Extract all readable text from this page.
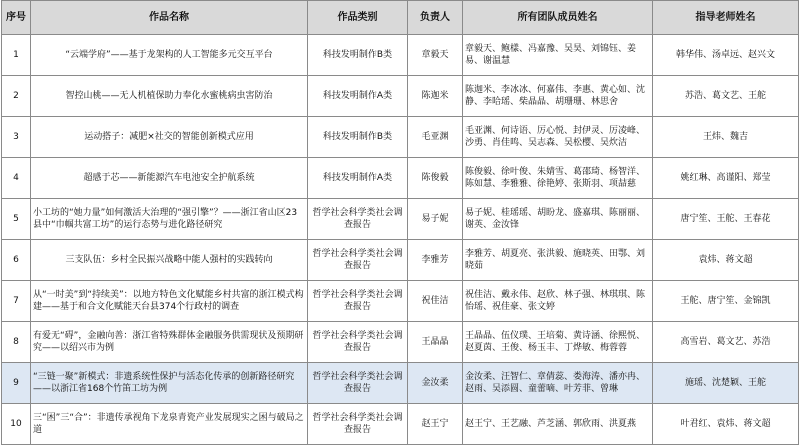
序号	作品名称	作品类别	负责人	所有团队成员姓名	指导老师姓名
1	“云端学府”——基于龙架构的人工智能多元交互平台	科技发明制作B类	章毅天	章毅天、鲍樣、冯嘉豫、吴昊、刘锦钰、姜易、谢温慧	韩华伟、汤卓远、赵兴文
2	智控山桃——无人机植保助力奉化水蜜桃病虫害防治	科技发明制作A类	陈迦米	陈迦米、李冰冰、何嘉伟、李惠、黄心如、沈静、李哈瑶、柴晶晶、胡珊珊、林思舍	苏浩、葛文艺、王舵
3	运动搭子：减肥×社交的智能创新模式应用	科技发明制作B类	毛亚渊	毛亚渊、何诗语、厉心悦、封伊灵、厉凌峰、沙勇、肖佳鸣、吴志森、吴松樱、吴炊洁	王炜、魏吉
4	超感于芯——新能源汽车电池安全护航系统	科技发明制作A类	陈俊毅	陈俊毅、徐叶俊、朱婧雪、葛邵琦、杨智洋、陈如慧、李雅雅、徐艳婷、张斯羽、项喆慈	姚红琳、高谨阳、郑莹
5	小工坊的“她力量”如何激活大治理的“强引擎”？——浙江省山区23县中“巾帼共富工坊”的运行态势与进化路径研究	哲学社会科学类社会调查报告	易子妮	易子妮、桂瑶瑶、胡盼龙、盛嘉琪、陈丽丽、谢英、金汝锋	唐宁笙、王舵、王春花
6	三支队伍：乡村全民振兴战略中能人强村的实践转向	哲学社会科学类社会调查报告	李雅芳	李雅芳、胡夏亮、张洪毅、施晓英、田鄂、刘晓茹	袁炜、蒋文超
7	从“一时美”到“持续美”：以地方特色文化赋能乡村共富的浙江模式构建——基于和合文化赋能天台县374个行政村的调查	哲学社会科学类社会调查报告	祝佳洁	祝佳洁、戴永伟、赵欣、林子强、林琪琪、陈怡瑶、祝佳豪、张文婷	王舵、唐宁笙、金锦凯
8	有爱无“碍”，金融向善：浙江省特殊群体金融服务供需现状及预期研究——以绍兴市为例	哲学社会科学类社会调查报告	王晶晶	王晶晶、伍仪璞、王培菊、黄诗涵、徐熙悦、赵夏茵、王俊、杨玉丰、丁烨敏、梅蓉蓉	高雪岩、葛文艺、苏浩
9	“三链一聚”新模式：非遗系统性保护与活态化传承的创新路径研究——以浙江省168个竹笛工坊为例	哲学社会科学类社会调查报告	金汝柔	金汝柔、汪智仁、章倩蕊、娄海涛、潘亦冉、赵雨、吴添圆、童蕾嘀、叶芳菲、曾琳	施瑶、沈楚颖、王舵
10	三“困”三“合”：非遗传承视角下龙泉青瓷产业发展现实之困与破局之道	哲学社会科学类社会调查报告	赵王宁	赵王宁、王艺融、芦芝涵、郭欣雨、洪夏燕	叶君红、袁炜、蒋文超
